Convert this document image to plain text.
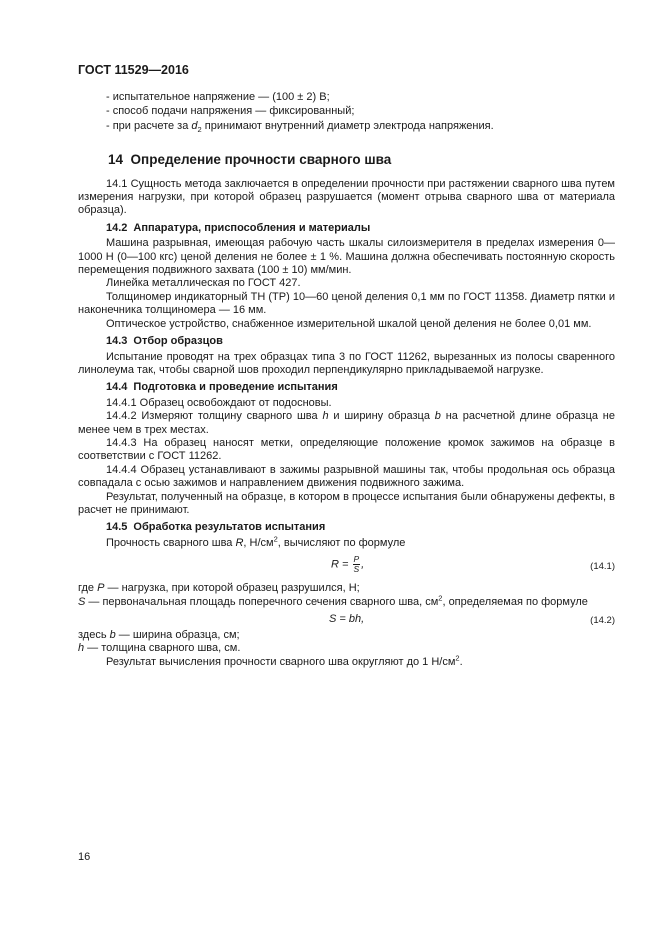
ГОСТ 11529—2016

- испытательное напряжение — (100 ± 2) В;

- способ подачи напряжения — фиксированный;

- при расчете за $d_2$ принимают внутренний диаметр электрода напряжения.

14 Определение прочности сварного шва

14.1 Сущность метода заключается в определении прочности при растяжении сварного шва путем измерения нагрузки, при которой образец разрушается (момент отрыва сварного шва от материала образца).

14.2 Аппаратура, приспособления и материалы

Машина разрывная, имеющая рабочую часть шкалы силоизмерителя в пределах измерения 0—1000 Н (0—100 кгс) ценой деления не более ± 1 %. Машина должна обеспечивать постоянную скорость перемещения подвижного захвата (100 ± 10) мм/мин.

Линейка металлическая по ГОСТ 427.

Толщиномер индикаторный ТН (ТР) 10—60 ценой деления 0,1 мм по ГОСТ 11358. Диаметр пятки и наконечника толщиномера — 16 мм.

Оптическое устройство, снабженное измерительной шкалой ценой деления не более 0,01 мм.

14.3 Отбор образцов

Испытание проводят на трех образцах типа 3 по ГОСТ 11262, вырезанных из полосы сваренного линолеума так, чтобы сварной шов проходил перпендикулярно прикладываемой нагрузке.

14.4 Подготовка и проведение испытания

14.4.1 Образец освобождают от подосновы.

14.4.2 Измеряют толщину сварного шва h и ширину образца b на расчетной длине образца не менее чем в трех местах.

14.4.3 На образец наносят метки, определяющие положение кромок зажимов на образце в соответствии с ГОСТ 11262.

14.4.4 Образец устанавливают в зажимы разрывной машины так, чтобы продольная ось образца совпадала с осью зажимов и направлением движения подвижного зажима.

Результат, полученный на образце, в котором в процессе испытания были обнаружены дефекты, в расчет не принимают.

14.5 Обработка результатов испытания

Прочность сварного шва R, $Н/см^2$, вычисляют по формуле

$R = \frac{P}{S}$ ,	(14.1)

где P — нагрузка, при которой образец разрушился, Н;

S — первоначальная площадь поперечного сечения сварного шва, $см^2$, определяемая по формуле

S = bh,	(14.2)

здесь b — ширина образца, см;

h — толщина сварного шва, см.

Результат вычисления прочности сварного шва округляют до 1 $Н/см^2$.

16
